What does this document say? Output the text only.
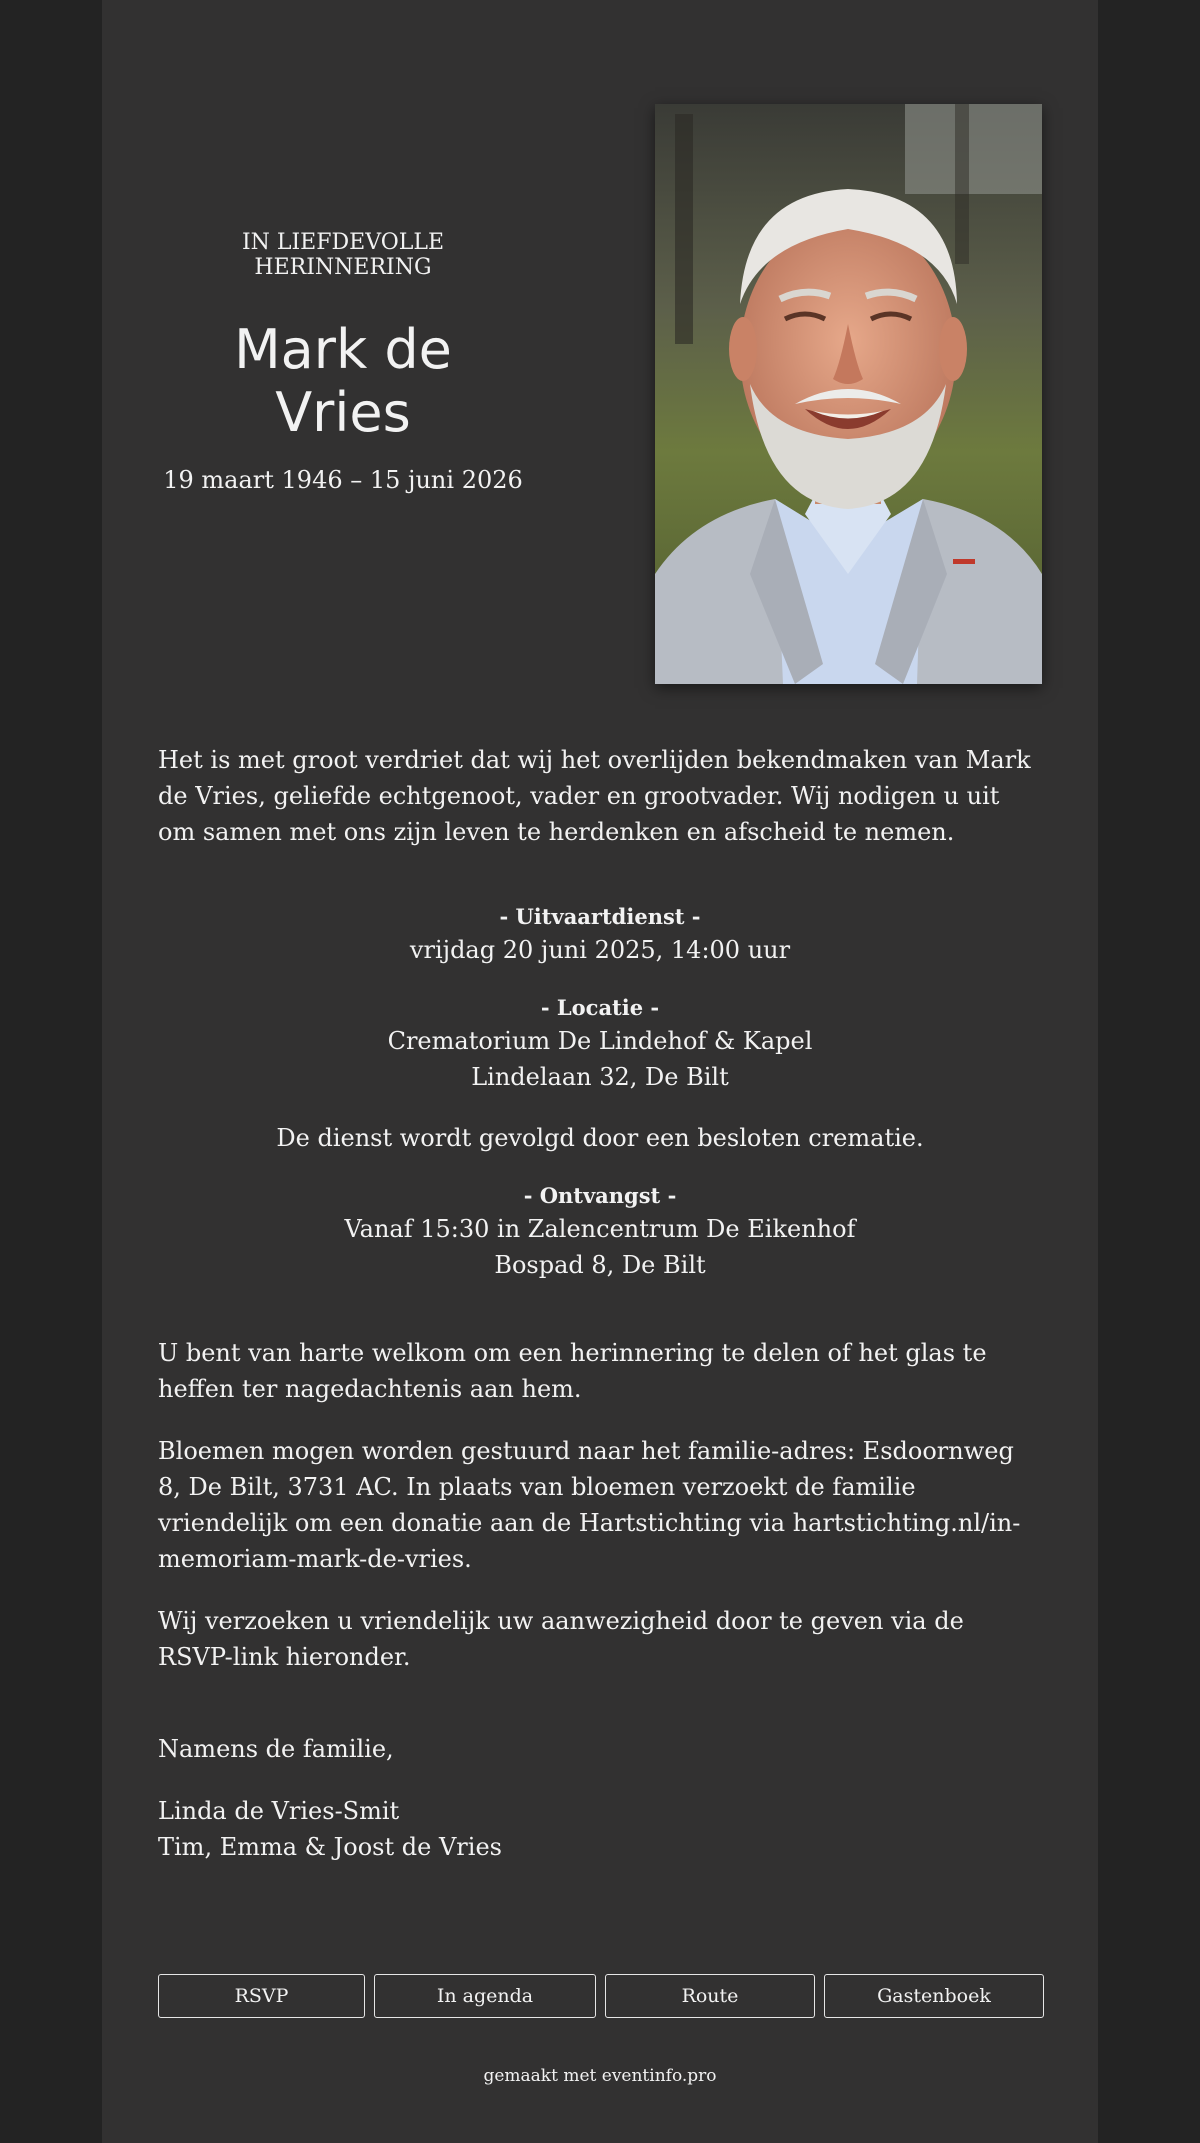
IN LIEFDEVOLLE HERINNERING
Mark de Vries
19 maart 1946 – 15 juni 2026

Het is met groot verdriet dat wij het overlijden bekendmaken van Mark de Vries, geliefde echtgenoot, vader en grootvader. Wij nodigen u uit om samen met ons zijn leven te herdenken en afscheid te nemen.

- Uitvaartdienst -
vrijdag 20 juni 2025, 14:00 uur
- Locatie -
Crematorium De Lindehof & Kapel
Lindelaan 32, De Bilt
De dienst wordt gevolgd door een besloten crematie.
- Ontvangst -
Vanaf 15:30 in Zalencentrum De Eikenhof
Bospad 8, De Bilt

U bent van harte welkom om een herinnering te delen of het glas te heffen ter nagedachtenis aan hem.

Bloemen mogen worden gestuurd naar het familie-adres: Esdoornweg 8, De Bilt, 3731 AC. In plaats van bloemen verzoekt de familie vriendelijk om een donatie aan de Hartstichting via hartstichting.nl/in-memoriam-mark-de-vries.

Wij verzoeken u vriendelijk uw aanwezigheid door te geven via de RSVP-link hieronder.

Namens de familie,

Linda de Vries-Smit

Tim, Emma & Joost de Vries

RSVP	In agenda	Route	Gastenboek
gemaakt met eventinfo.pro
